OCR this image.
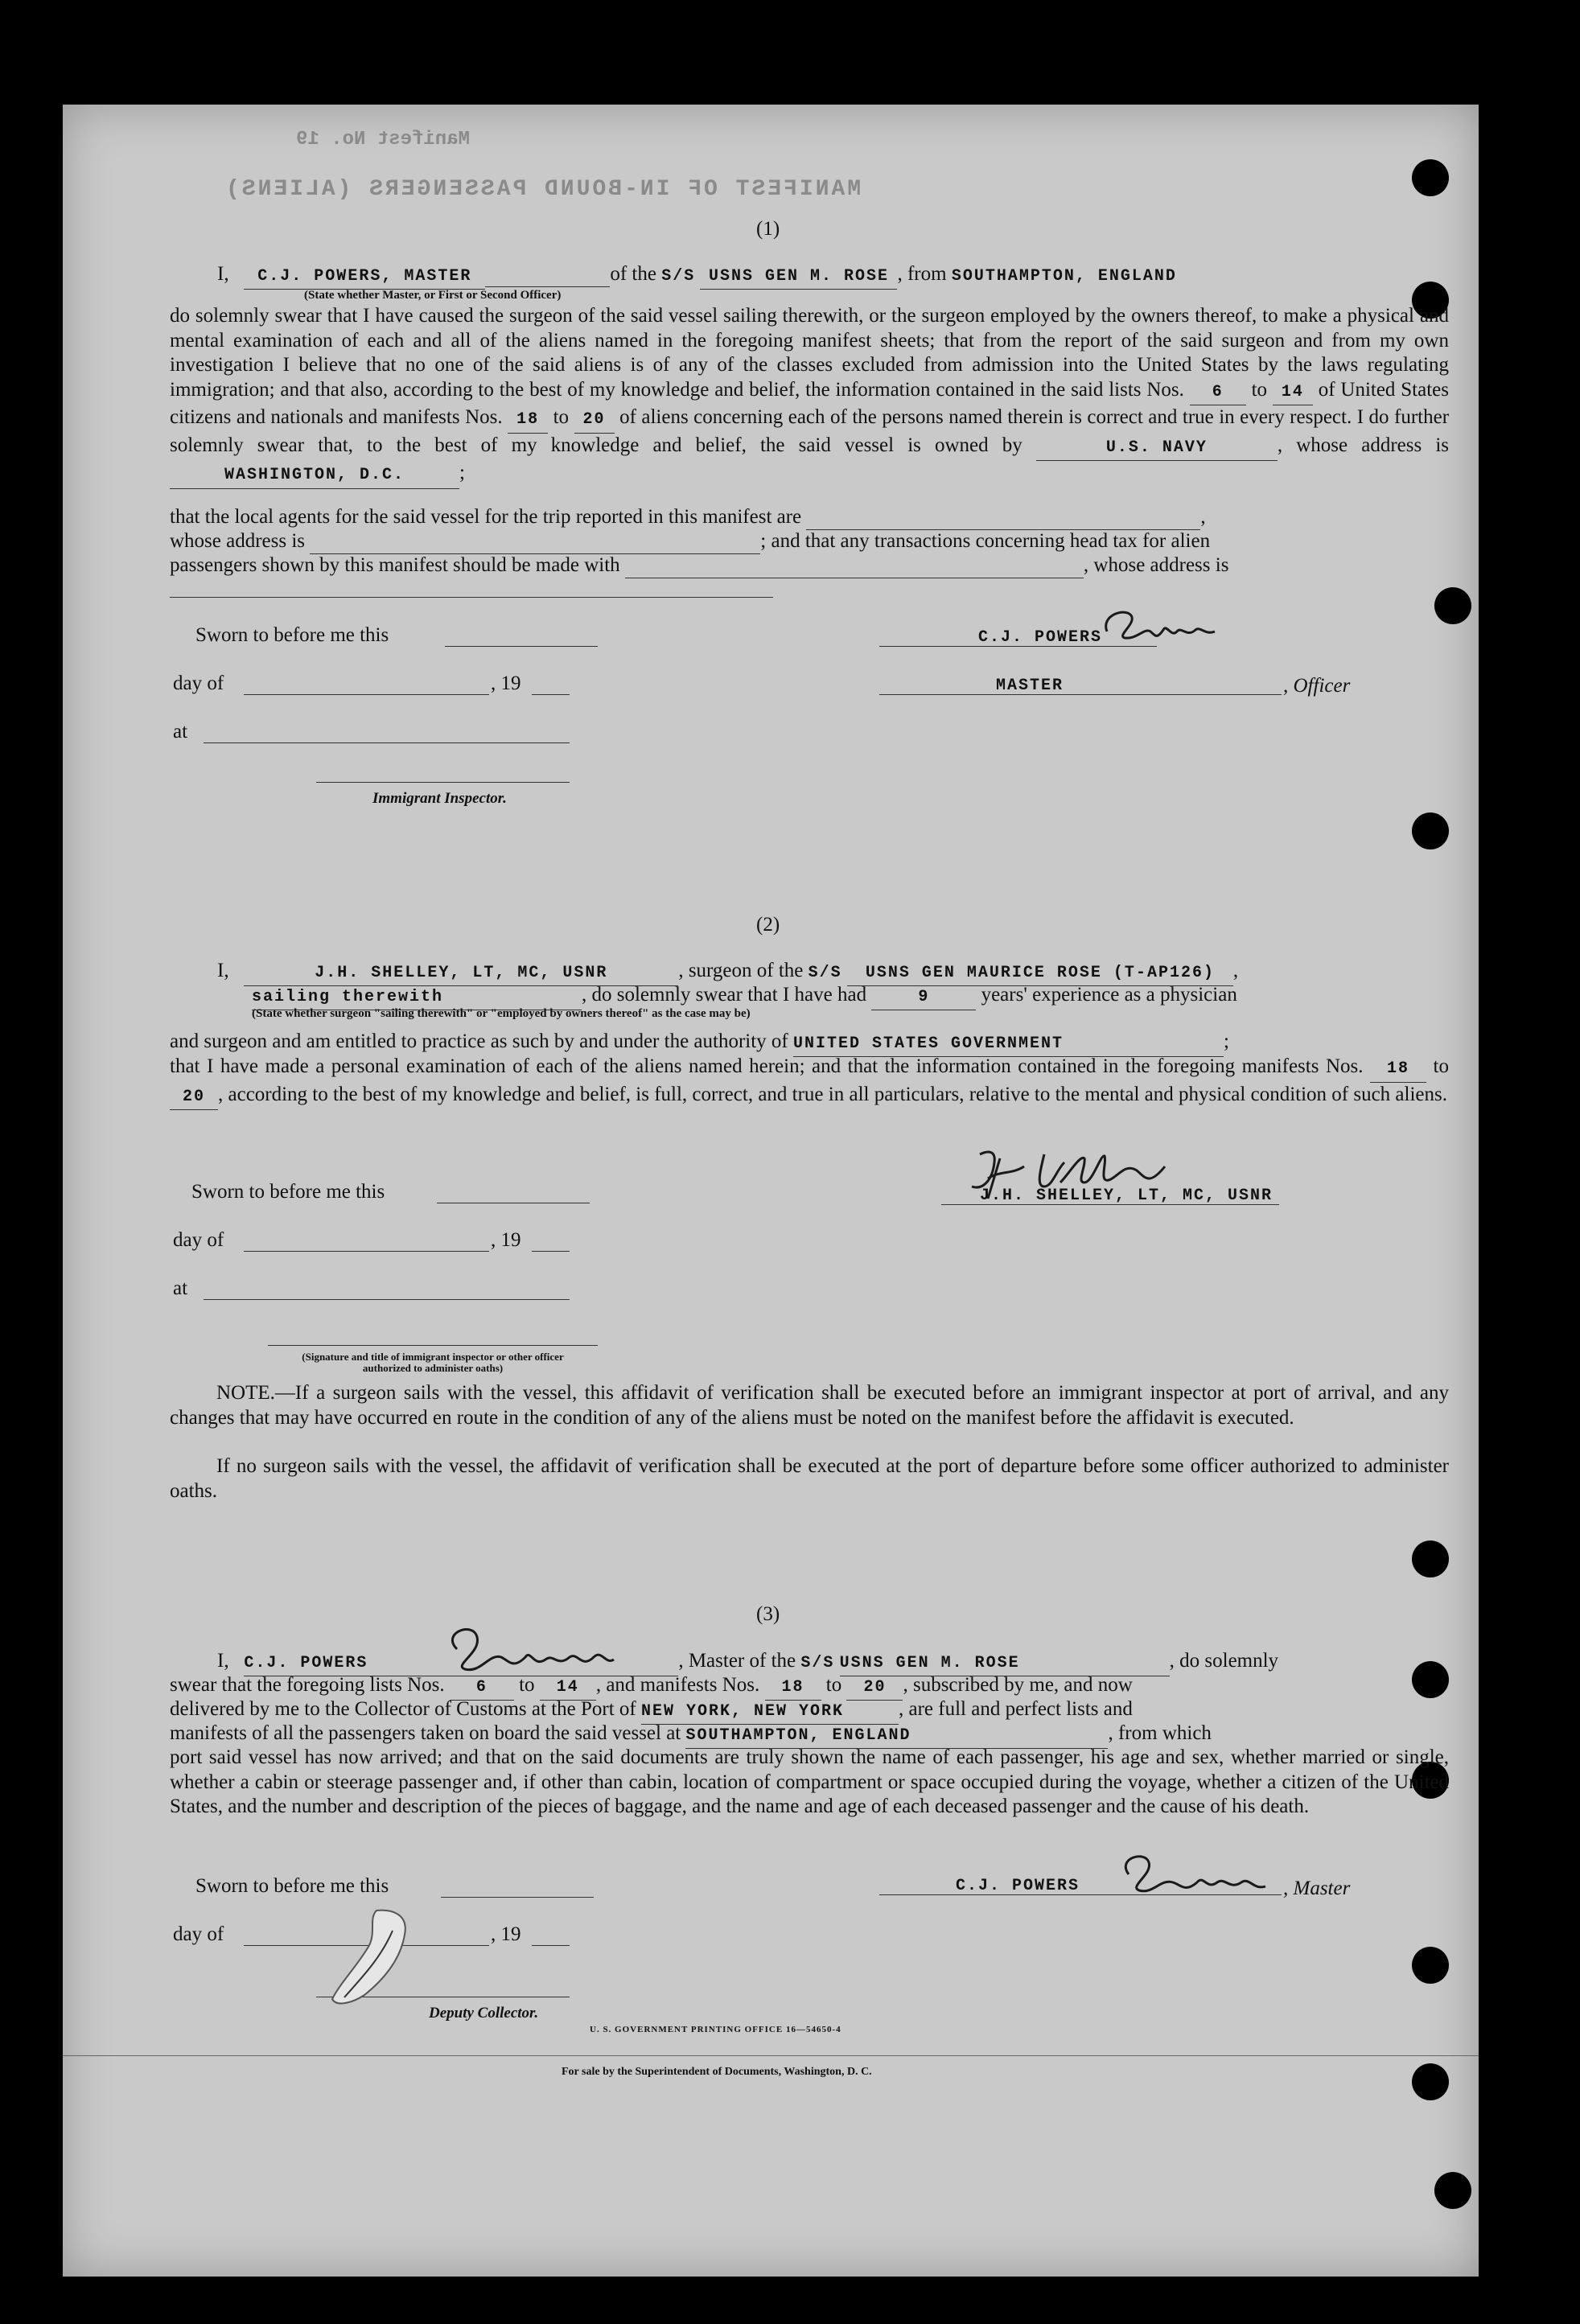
Manifest No. 19
MANIFEST OF IN-BOUND PASSENGERS (ALIENS)
(1)
I, C.J. POWERS, MASTER	of the S/S USNS GEN M. ROSE , from SOUTHAMPTON, ENGLAND
(State whether Master, or First or Second Officer)
do solemnly swear that I have caused the surgeon of the said vessel sailing therewith, or the surgeon employed by the owners thereof, to make a physical and mental examination of each and all of the aliens named in the foregoing manifest sheets; that from the report of the said surgeon and from my own investigation I believe that no one of the said aliens is of any of the classes excluded from admission into the United States by the laws regulating immigration; and that also, according to the best of my knowledge and belief, the information contained in the said lists Nos. 6 to 14 of United States citizens and nationals and manifests Nos. 18 to 20 of aliens concerning each of the persons named therein is correct and true in every respect. I do further solemnly swear that, to the best of my knowledge and belief, the said vessel is owned by	U.S. NAVY	, whose address is WASHINGTON, D.C.	;
that the local agents for the said vessel for the trip reported in this manifest are	,
whose address is	; and that any transactions concerning head tax for alien
passengers shown by this manifest should be made with	, whose address is
Sworn to before me this
day of	, 19
at
Immigrant Inspector.
C.J. POWERS
MASTER	, Officer
(2)
I,	J.H. SHELLEY, LT, MC, USNR	, surgeon of the S/S USNS GEN MAURICE ROSE (T-AP126) ,
sailing therewith	, do solemnly swear that I have had	9	years' experience as a physician
(State whether surgeon "sailing therewith" or "employed by owners thereof" as the case may be)
and surgeon and am entitled to practice as such by and under the authority of UNITED STATES GOVERNMENT	;
that I have made a personal examination of each of the aliens named herein; and that the information contained in the foregoing manifests Nos. 18 to 20 , according to the best of my knowledge and belief, is full, correct, and true in all particulars, relative to the mental and physical condition of such aliens.
J.H. SHELLEY, LT, MC, USNR
Sworn to before me this
day of	, 19
at
(Signature and title of immigrant inspector or other officer authorized to administer oaths)
NOTE.—If a surgeon sails with the vessel, this affidavit of verification shall be executed before an immigrant inspector at port of arrival, and any changes that may have occurred en route in the condition of any of the aliens must be noted on the manifest before the affidavit is executed.
If no surgeon sails with the vessel, the affidavit of verification shall be executed at the port of departure before some officer authorized to administer oaths.
(3)
I, C.J. POWERS	, Master of the S/S USNS GEN M. ROSE	, do solemnly
swear that the foregoing lists Nos. 6 to 14 , and manifests Nos. 18 to 20 , subscribed by me, and now
delivered by me to the Collector of Customs at the Port of NEW YORK, NEW YORK	, are full and perfect lists and
manifests of all the passengers taken on board the said vessel at SOUTHAMPTON, ENGLAND	, from which
port said vessel has now arrived; and that on the said documents are truly shown the name of each passenger, his age and sex, whether married or single, whether a cabin or steerage passenger and, if other than cabin, location of compartment or space occupied during the voyage, whether a citizen of the United States, and the number and description of the pieces of baggage, and the name and age of each deceased passenger and the cause of his death.
Sworn to before me this
day of	, 19
Deputy Collector.
C.J. POWERS	, Master
U. S. GOVERNMENT PRINTING OFFICE 16—54650-4
For sale by the Superintendent of Documents, Washington, D. C.
